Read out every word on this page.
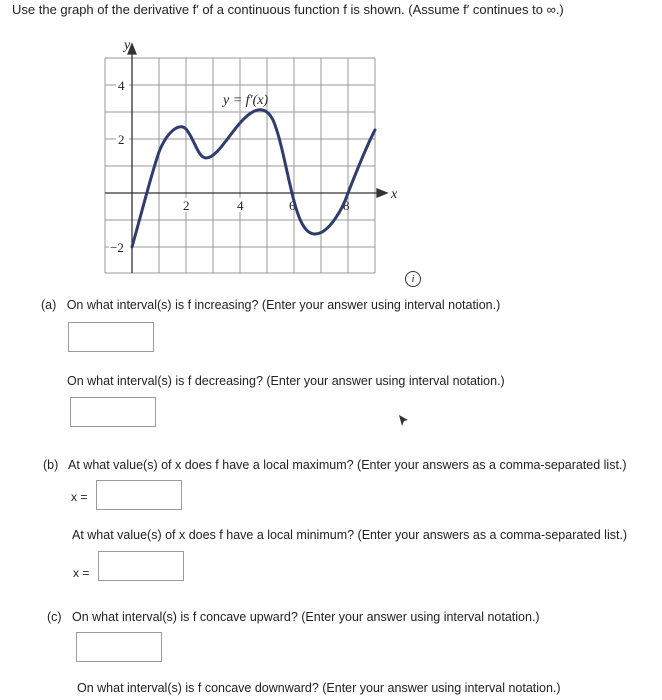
Use the graph of the derivative f′ of a continuous function f is shown. (Assume f′ continues to ∞.)
y
x
4
2
−2
2	4	6	8
y = f′(x)
i
(a) On what interval(s) is f increasing? (Enter your answer using interval notation.)
On what interval(s) is f decreasing? (Enter your answer using interval notation.)
(b) At what value(s) of x does f have a local maximum? (Enter your answers as a comma-separated list.)
x =
At what value(s) of x does f have a local minimum? (Enter your answers as a comma-separated list.)
x =
(c) On what interval(s) is f concave upward? (Enter your answer using interval notation.)
On what interval(s) is f concave downward? (Enter your answer using interval notation.)
